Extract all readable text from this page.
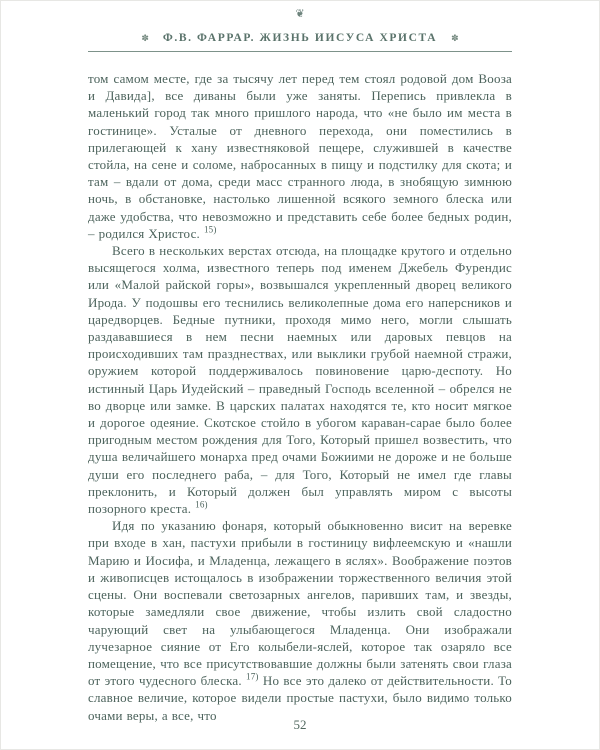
❦
✽ Ф.В. ФАРРАР. ЖИЗНЬ ИИСУСА ХРИСТА ✽

том самом месте, где за тысячу лет перед тем стоял родовой дом Вооза и Давида], все диваны были уже заняты. Перепись привлекла в маленький город так много пришлого народа, что «не было им места в гостинице». Усталые от дневного перехода, они поместились в прилегающей к хану известняковой пещере, служившей в качестве стойла, на сене и соломе, набросанных в пищу и подстилку для скота; и там – вдали от дома, среди масс странного люда, в знобящую зимнюю ночь, в обстановке, настолько лишенной всякого земного блеска или даже удобства, что невозможно и представить себе более бедных родин, – родился Христос. $^{15)}$

Всего в нескольких верстах отсюда, на площадке крутого и отдельно высящегося холма, известного теперь под именем Джебель Фурендис или «Малой райской горы», возвышался укрепленный дворец великого Ирода. У подошвы его теснились великолепные дома его наперсников и царедворцев. Бедные путники, проходя мимо него, могли слышать раздававшиеся в нем песни наемных или даровых певцов на происходивших там празднествах, или выклики грубой наемной стражи, оружием которой поддерживалось повиновение царю-деспоту. Но истинный Царь Иудейский – праведный Господь вселенной – обрелся не во дворце или замке. В царских палатах находятся те, кто носит мягкое и дорогое одеяние. Скотское стойло в убогом караван-сарае было более пригодным местом рождения для Того, Который пришел возвестить, что душа величайшего монарха пред очами Божиими не дороже и не больше души его последнего раба, – для Того, Который не имел где главы преклонить, и Который должен был управлять миром с высоты позорного креста. $^{16)}$

Идя по указанию фонаря, который обыкновенно висит на веревке при входе в хан, пастухи прибыли в гостиницу вифлеемскую и «нашли Марию и Иосифа, и Младенца, лежащего в яслях». Воображение поэтов и живописцев истощалось в изображении торжественного величия этой сцены. Они воспевали светозарных ангелов, паривших там, и звезды, которые замедляли свое движение, чтобы излить свой сладостно чарующий свет на улыбающегося Младенца. Они изображали лучезарное сияние от Его колыбели-яслей, которое так озаряло все помещение, что все присутствовавшие должны были затенять свои глаза от этого чудесного блеска. $^{17)}$ Но все это далеко от действительности. То славное величие, которое видели простые пастухи, было видимо только очами веры, а все, что

52
